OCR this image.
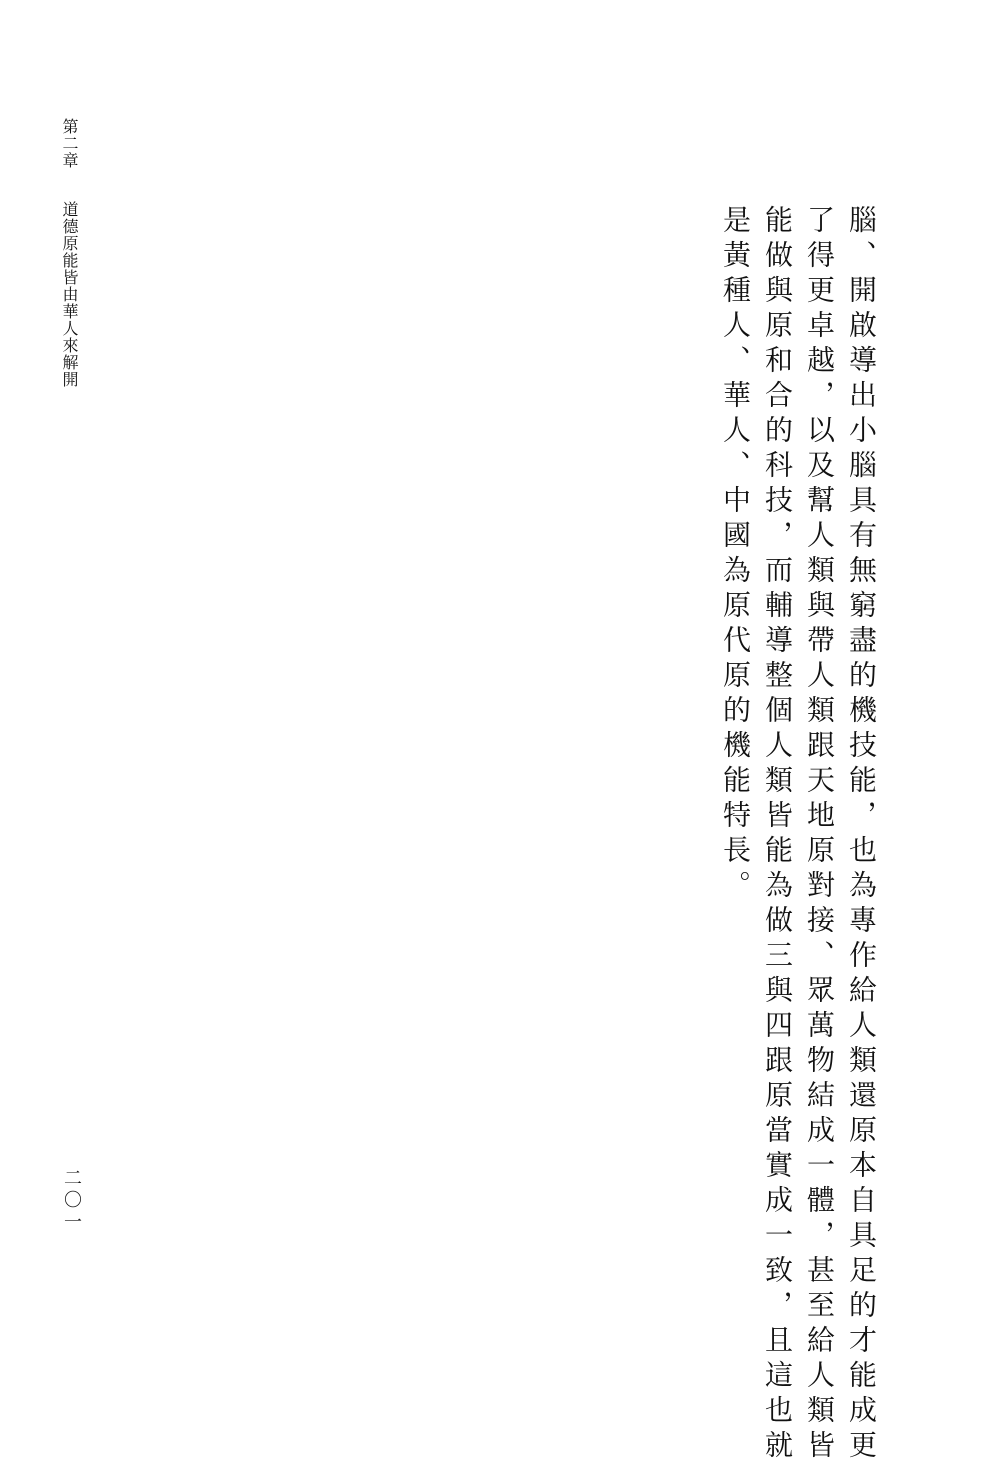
第二章
道德原能皆由華人來解開
二〇一	腦、開啟導出小腦具有無窮盡的機技能，也為專作給人類還原本自具足的才能成更
了得更卓越，以及幫人類與帶人類跟天地原對接、眾萬物結成一體，甚至給人類皆
能做與原和合的科技，而輔導整個人類皆能為做三與四跟原當實成一致，且這也就
是黃種人、華人、中國為原代原的機能特長。
